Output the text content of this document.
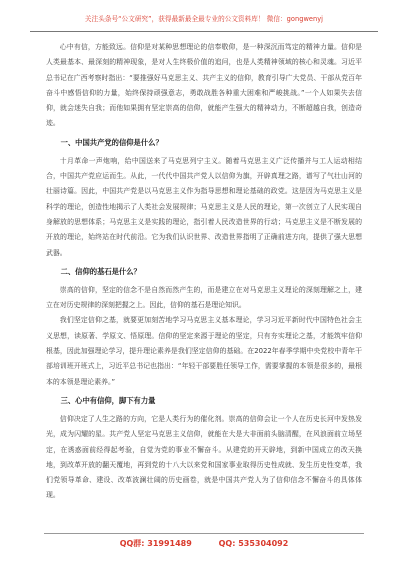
关注头条号“公文研究”，获得最新最全最专业的公文资料库！ 微信：gongwenyj

心中有信，方能致远。信仰是对某种思想理论的信奉敬仰，是一种深沉而笃定的精神力量。信仰是人类最基本、最深刻的精神现象，是对人生终极价值的追问，也是人类精神领域的核心和灵魂。习近平总书记在广西考察时指出：“要推强好马克思主义、共产主义的信仰，教育引导广大党员、干部从党百年奋斗中感悟信仰的力量，始终保持顽强意志，勇敢战胜各种重大困难和严峻挑战。”一个人如果失去信仰，就会迷失自我；而他如果拥有坚定崇高的信仰，就能产生强大的精神动力，不断超越自我，创造奇迹。

一、中国共产党的信仰是什么？

十月革命一声炮响，给中国送来了马克思列宁主义。随着马克思主义广泛传播并与工人运动相结合，中国共产党应运而生。从此，一代代中国共产党人以信仰为旗，开辟真理之路，谱写了气壮山河的壮丽诗篇。因此，中国共产党是以马克思主义作为指导思想和理论基础的政党。这是因为马克思主义是科学的理论，创造性地揭示了人类社会发展规律；马克思主义是人民的理论，第一次创立了人民实现自身解放的思想体系；马克思主义是实践的理论，指引着人民改造世界的行动；马克思主义是不断发展的开放的理论，始终站在时代前沿。它为我们认识世界、改造世界指明了正确前进方向，提供了强大思想武器。

二、信仰的基石是什么？

崇高的信仰，坚定的信念不是自然而然产生的，而是建立在对马克思主义理论的深刻理解之上，建立在对历史规律的深刻把握之上。因此，信仰的基石是理论知识。

我们坚定信仰之基，就要更加刻苦地学习马克思主义基本理论，学习习近平新时代中国特色社会主义思想，读原著、学原文、悟原理。信仰的坚定来源于理论的坚定，只有夯实理论之基，才能筑牢信仰根基，因此加强理论学习，提升理论素养是我们坚定信仰的基础。在2022年春季学期中央党校中青年干部培训班开班式上，习近平总书记也指出：“年轻干部要胜任领导工作，需要掌握的本领是很多的，最根本的本领是理论素养。”

三、心中有信仰，脚下有力量

信仰决定了人生之路的方向，它是人类行为的催化剂。崇高的信仰会让一个人在历史长河中发热发光，成为闪耀的星。共产党人坚定马克思主义信仰，就能在大是大非面前头脑清醒，在风浪面前立场坚定，在诱惑面前经得起考验，自觉为党的事业不懈奋斗。从建党的开天辟地，到新中国成立的改天换地，到改革开放的翻天覆地，再到党的十八大以来党和国家事业取得历史性成就、发生历史性变革，我们党领导革命、建设、改革波澜壮阔的历史画卷，就是中国共产党人为了信仰信念不懈奋斗的具体体现。

QQ群: 31991489	QQ: 535304092
